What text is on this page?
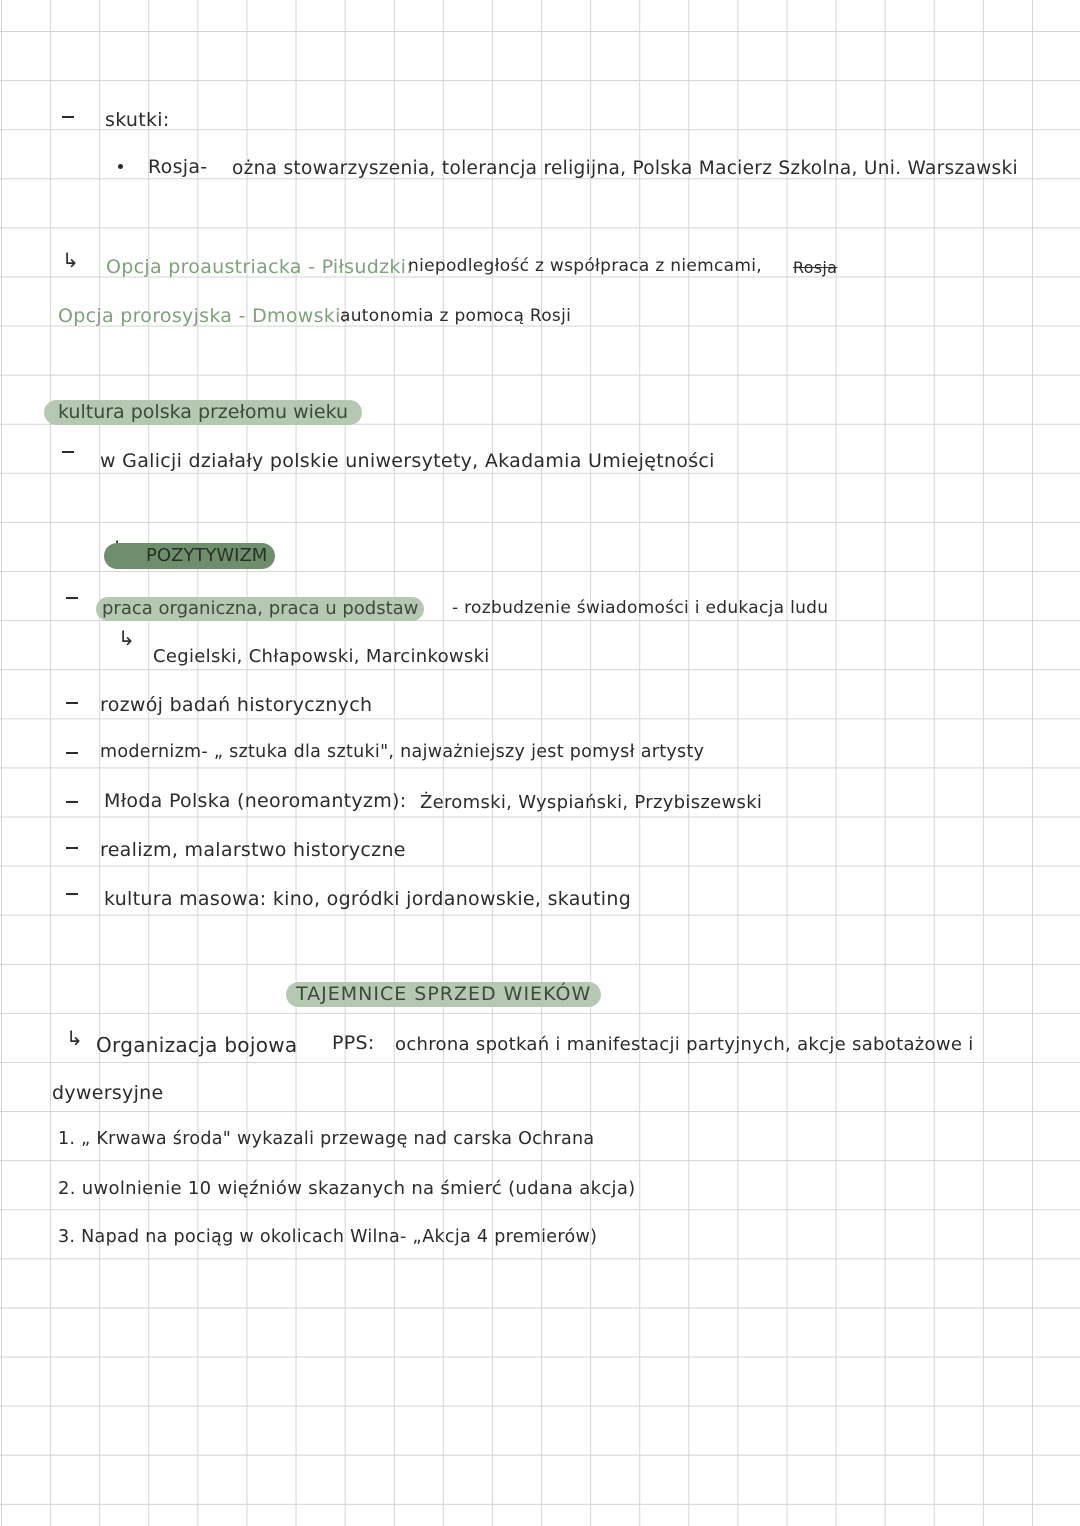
skutki:
Rosja- ożna stowarzyszenia, tolerancja religijna, Polska Macierz Szkolna, Uni. Warszawski
↳ Opcja proaustriacka - Piłsudzki:
niepodległość z współpraca z niemcami, Rosja
Opcja prorosyjska - Dmowski:
autonomia z pomocą Rosji
kultura polska przełomu wieku
w Galicji działały polskie uniwersytety, Akadamia Umiejętności
POZYTYWIZM
praca organiczna, praca u podstaw	- rozbudzenie świadomości i edukacja ludu
↳
Cegielski, Chłapowski, Marcinkowski
rozwój badań historycznych
modernizm- „ sztuka dla sztuki", najważniejszy jest pomysł artysty
Młoda Polska (neoromantyzm): Żeromski, Wyspiański, Przybiszewski
realizm, malarstwo historyczne
kultura masowa: kino, ogródki jordanowskie, skauting
TAJEMNICE SPRZED WIEKÓW
↳ Organizacja bojowa PPS: ochrona spotkań i manifestacji partyjnych, akcje sabotażowe i
dywersyjne
1. „ Krwawa środa" wykazali przewagę nad carska Ochrana
2. uwolnienie 10 więźniów skazanych na śmierć (udana akcja)
3. Napad na pociąg w okolicach Wilna- „Akcja 4 premierów)
